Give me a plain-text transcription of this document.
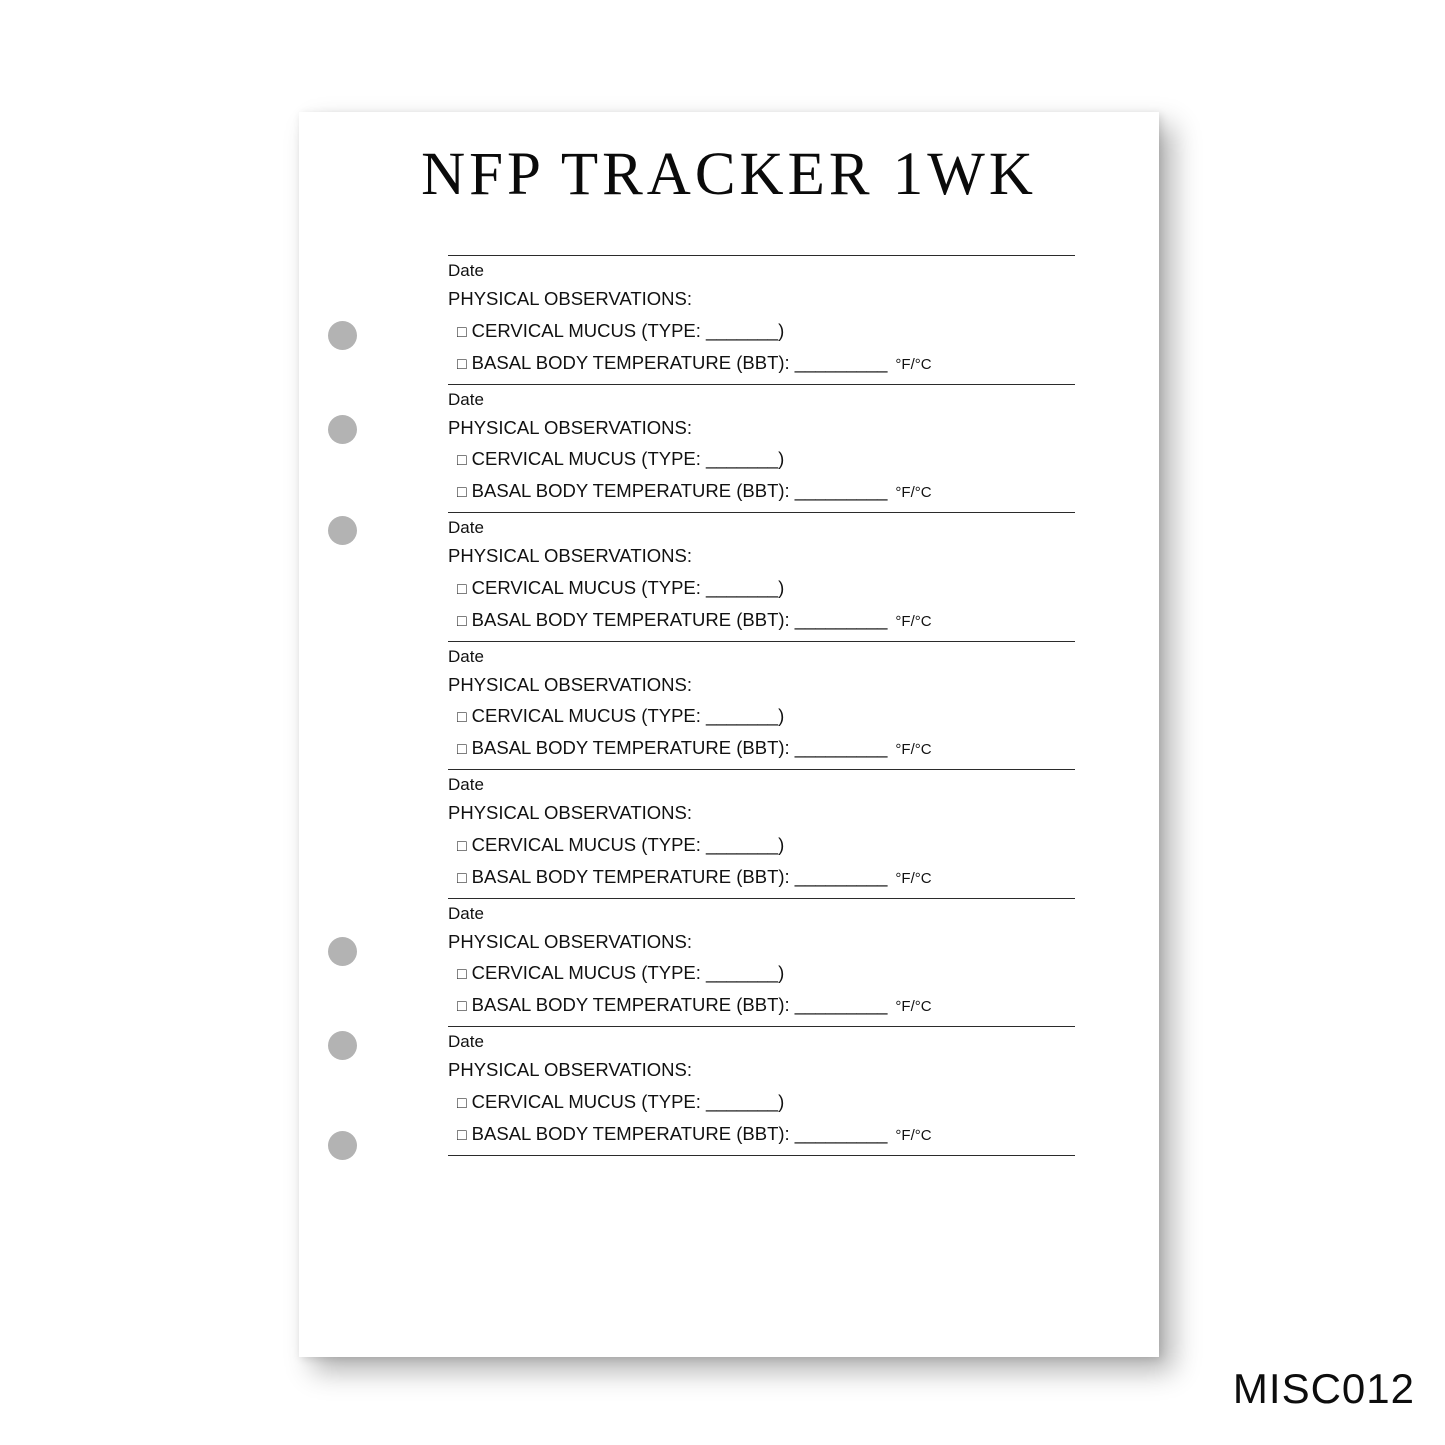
NFP TRACKER 1WK
Date
PHYSICAL OBSERVATIONS:
□ CERVICAL MUCUS (TYPE: _______)
□ BASAL BODY TEMPERATURE (BBT): _________ °F/°C
Date
PHYSICAL OBSERVATIONS:
□ CERVICAL MUCUS (TYPE: _______)
□ BASAL BODY TEMPERATURE (BBT): _________ °F/°C
Date
PHYSICAL OBSERVATIONS:
□ CERVICAL MUCUS (TYPE: _______)
□ BASAL BODY TEMPERATURE (BBT): _________ °F/°C
Date
PHYSICAL OBSERVATIONS:
□ CERVICAL MUCUS (TYPE: _______)
□ BASAL BODY TEMPERATURE (BBT): _________ °F/°C
Date
PHYSICAL OBSERVATIONS:
□ CERVICAL MUCUS (TYPE: _______)
□ BASAL BODY TEMPERATURE (BBT): _________ °F/°C
Date
PHYSICAL OBSERVATIONS:
□ CERVICAL MUCUS (TYPE: _______)
□ BASAL BODY TEMPERATURE (BBT): _________ °F/°C
Date
PHYSICAL OBSERVATIONS:
□ CERVICAL MUCUS (TYPE: _______)
□ BASAL BODY TEMPERATURE (BBT): _________ °F/°C
MISC012
